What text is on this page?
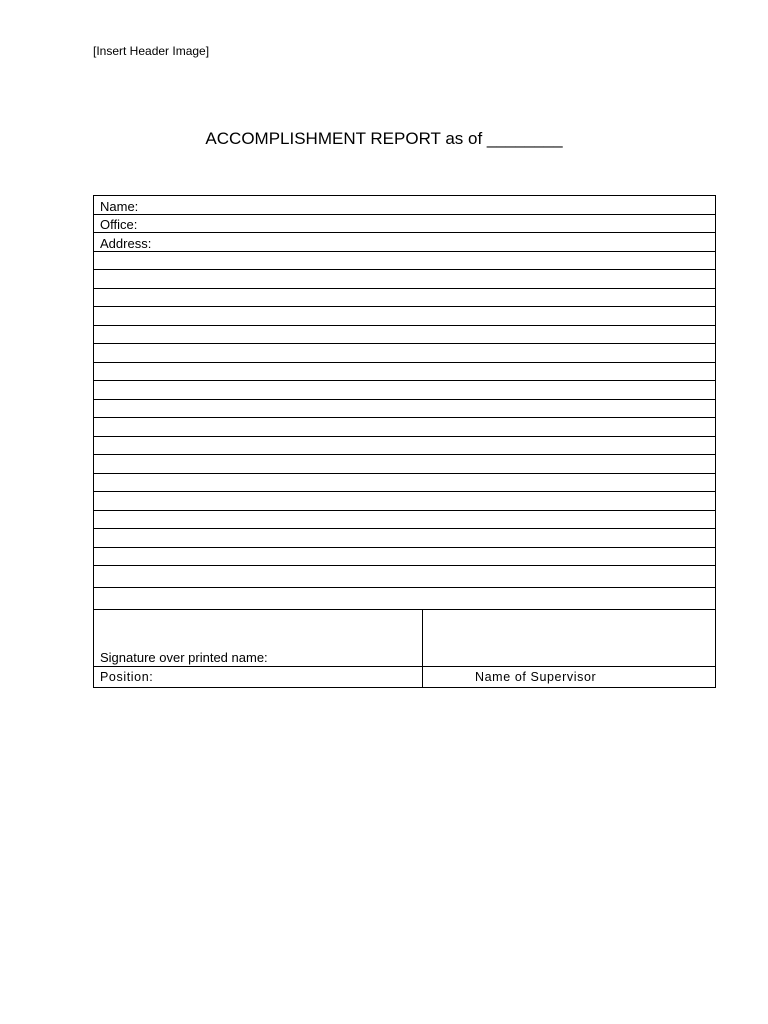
[Insert Header Image]
ACCOMPLISHMENT REPORT as of ________
Name:	
Office:	
Address:	

Signature over printed name:	
Position:	Name of Supervisor
